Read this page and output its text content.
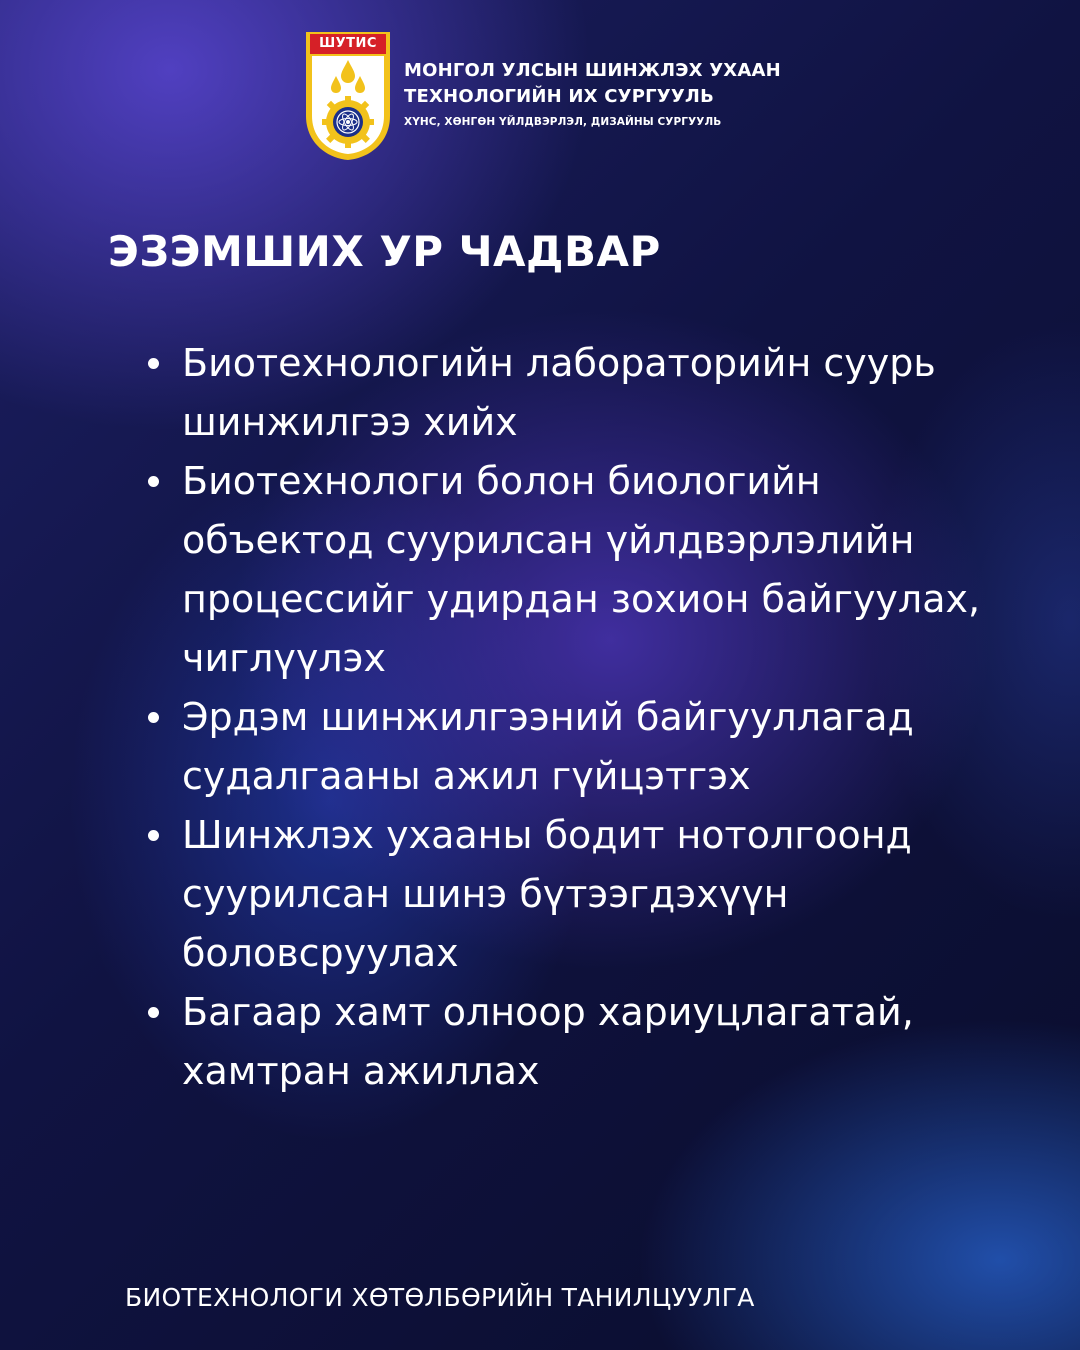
ШУТИС
МОНГОЛ УЛСЫН ШИНЖЛЭХ УХААН
ТЕХНОЛОГИЙН ИХ СУРГУУЛЬ
ХҮНС, ХӨНГӨН ҮЙЛДВЭРЛЭЛ, ДИЗАЙНЫ СУРГУУЛЬ
ЭЗЭМШИХ УР ЧАДВАР
Биотехнологийн лабораторийн суурь шинжилгээ хийх
Биотехнологи болон биологийн объектод суурилсан үйлдвэрлэлийн процессийг удирдан зохион байгуулах, чиглүүлэх
Эрдэм шинжилгээний байгууллагад судалгааны ажил гүйцэтгэх
Шинжлэх ухааны бодит нотолгоонд суурилсан шинэ бүтээгдэхүүн боловсруулах
Багаар хамт олноор хариуцлагатай, хамтран ажиллах

БИОТЕХНОЛОГИ ХӨТӨЛБӨРИЙН ТАНИЛЦУУЛГА
